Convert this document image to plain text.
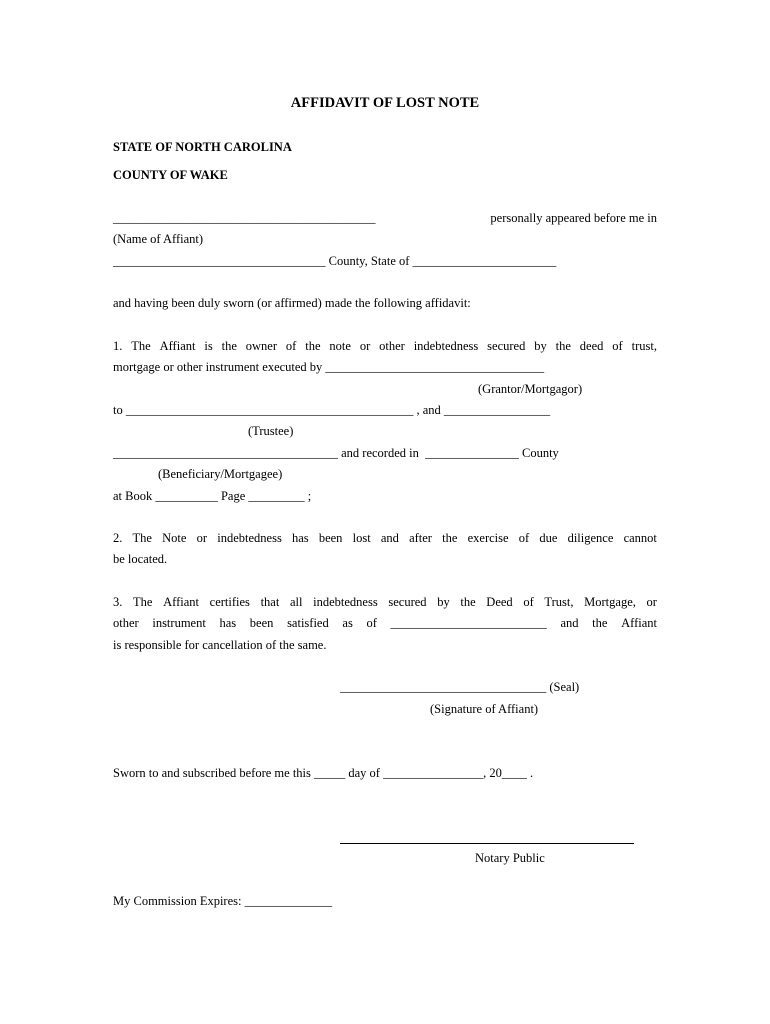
AFFIDAVIT OF LOST NOTE
STATE OF NORTH CAROLINA
COUNTY OF WAKE
__________________________________________	personally appeared before me in
(Name of Affiant)
__________________________________ County, State of _______________________
and having been duly sworn (or affirmed) made the following affidavit:
1. The Affiant is the owner of the note or other indebtedness secured by the deed of trust,
mortgage or other instrument executed by ___________________________________
(Grantor/Mortgagor)
to ______________________________________________ , and _________________
(Trustee)
____________________________________ and recorded in  _______________ County
(Beneficiary/Mortgagee)
at Book __________ Page _________ ;
2. The Note or indebtedness has been lost and after the exercise of due diligence cannot
be located.
3. The Affiant certifies that all indebtedness secured by the Deed of Trust, Mortgage, or
other instrument has been satisfied as of _________________________ and the Affiant
is responsible for cancellation of the same.
_________________________________ (Seal)
(Signature of Affiant)
Sworn to and subscribed before me this _____ day of ________________, 20____ .
Notary Public
My Commission Expires: ______________
